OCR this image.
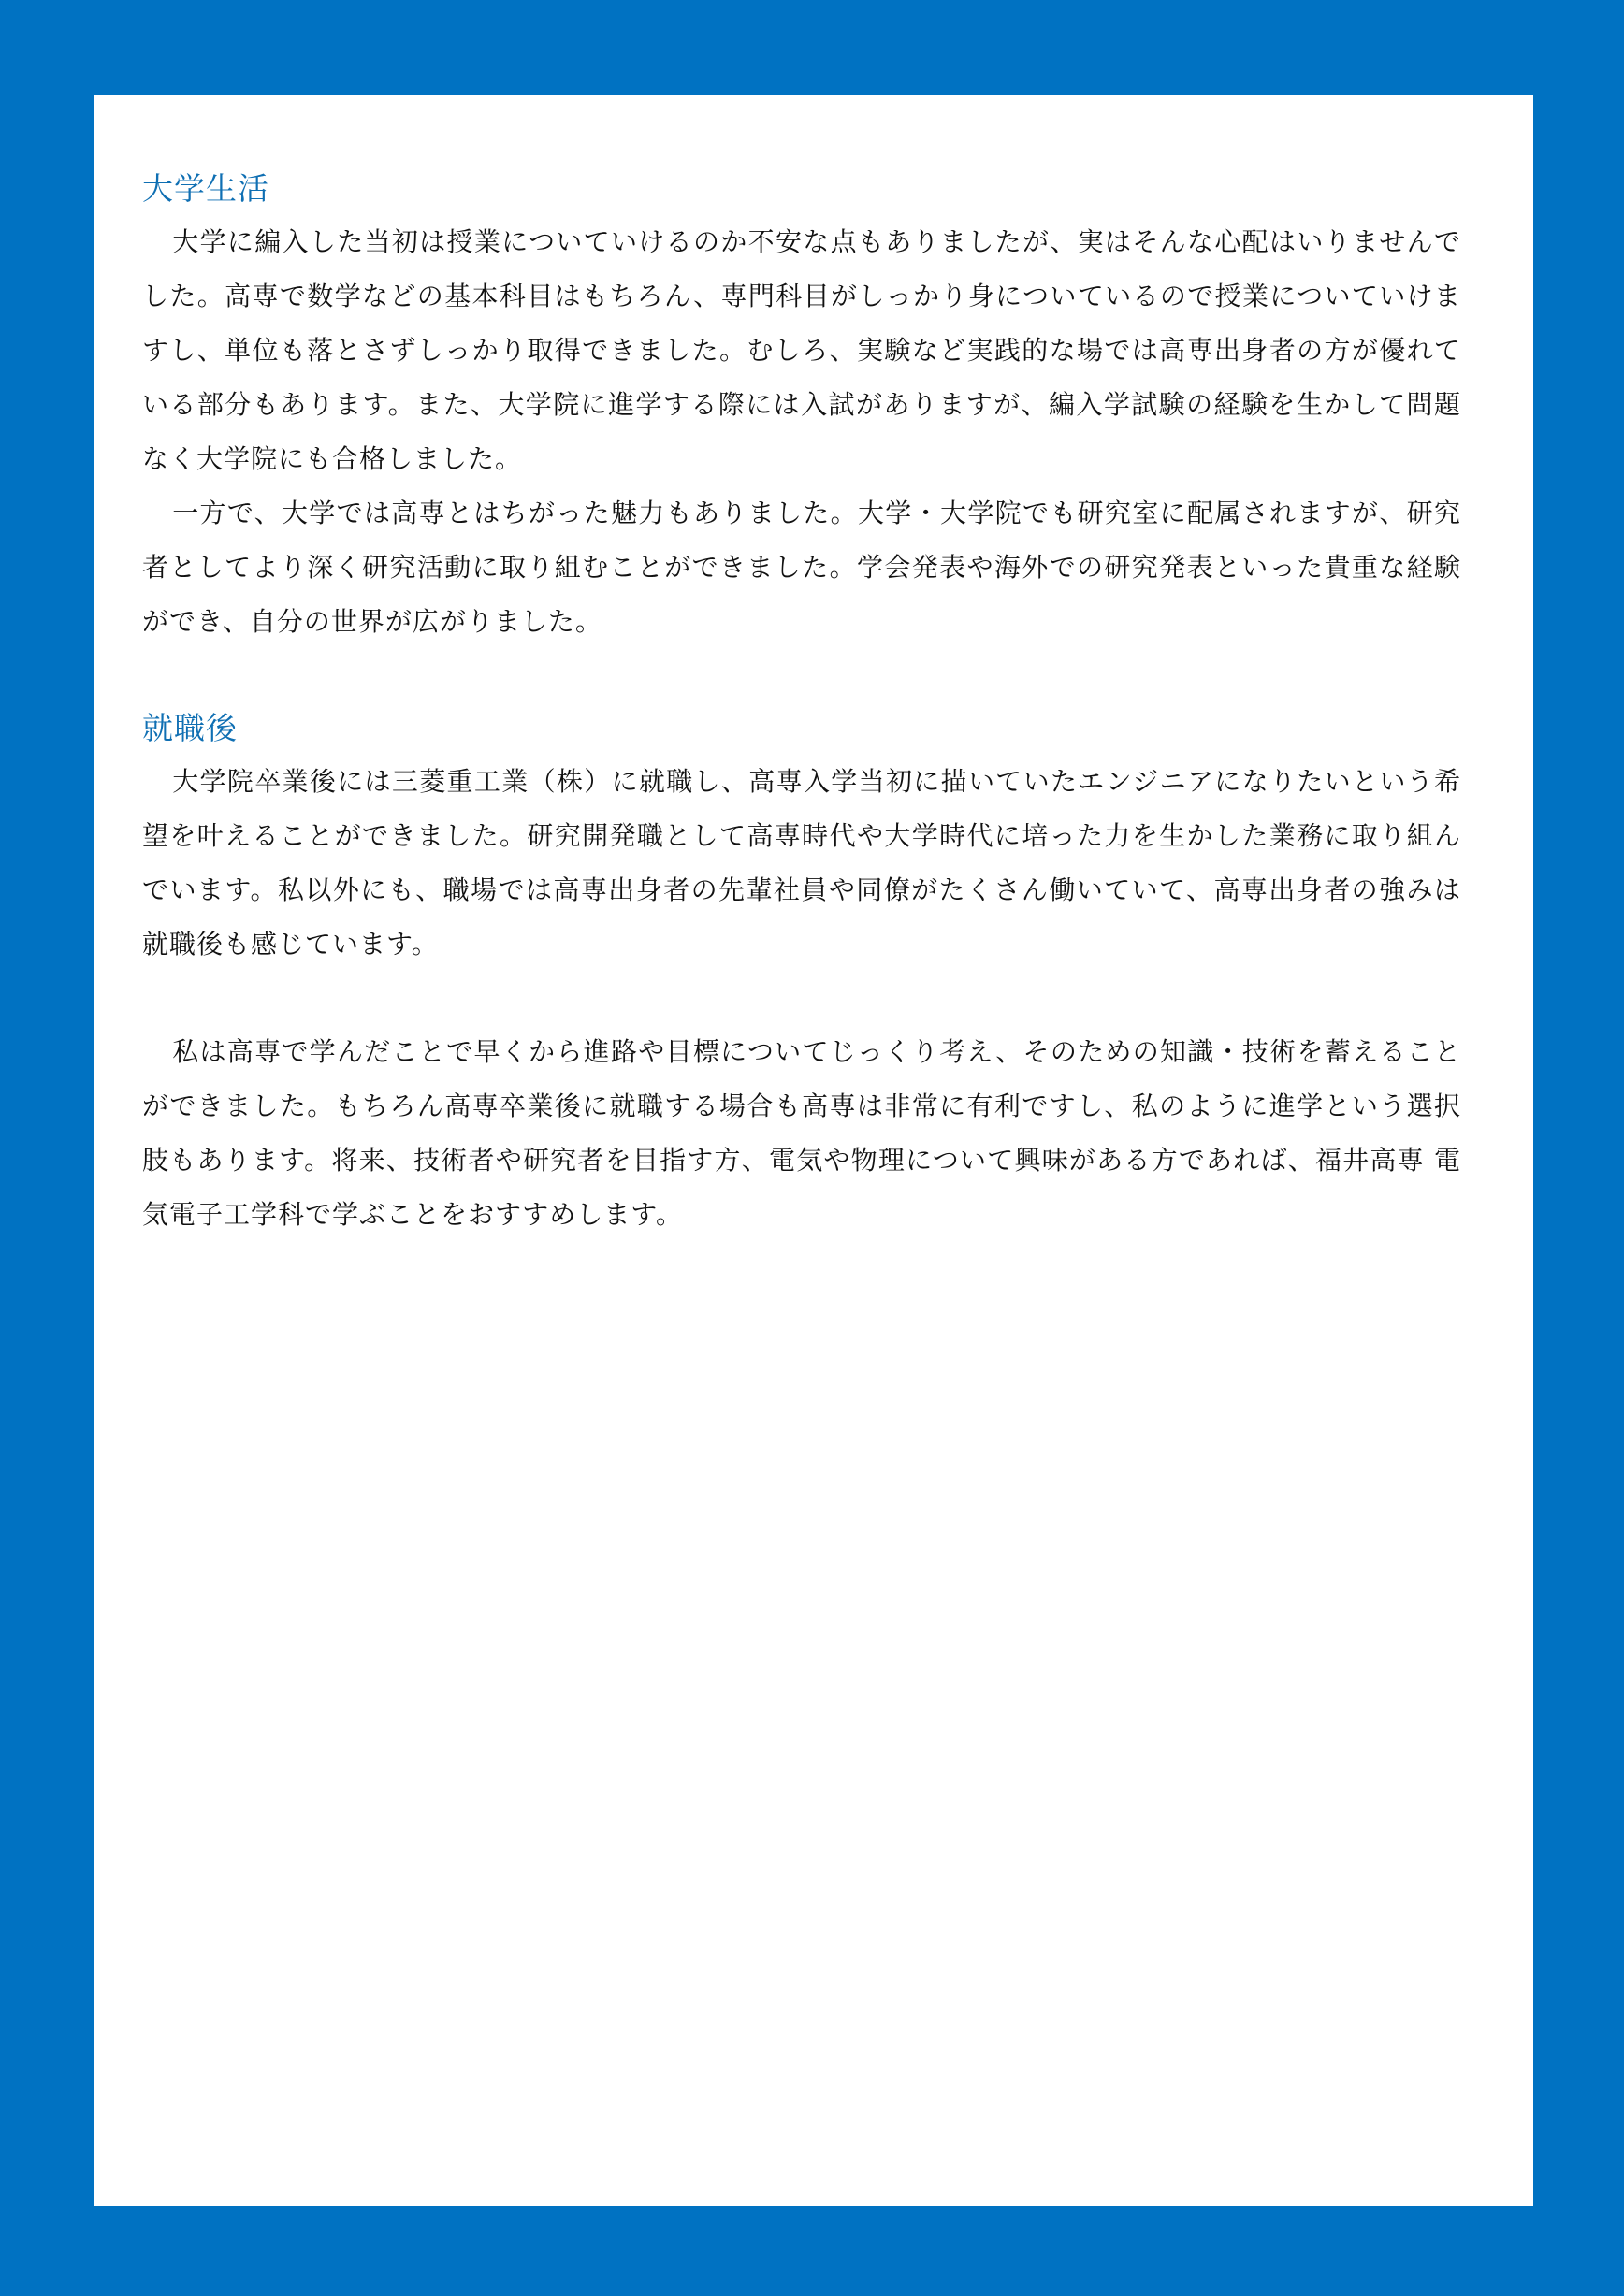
大学生活

大学に編入した当初は授業についていけるのか不安な点もありましたが、実はそんな心配はいりませんでした。高専で数学などの基本科目はもちろん、専門科目がしっかり身についているので授業についていけますし、単位も落とさずしっかり取得できました。むしろ、実験など実践的な場では高専出身者の方が優れている部分もあります。また、大学院に進学する際には入試がありますが、編入学試験の経験を生かして問題なく大学院にも合格しました。

一方で、大学では高専とはちがった魅力もありました。大学・大学院でも研究室に配属されますが、研究者としてより深く研究活動に取り組むことができました。学会発表や海外での研究発表といった貴重な経験ができ、自分の世界が広がりました。

就職後

大学院卒業後には三菱重工業（株）に就職し、高専入学当初に描いていたエンジニアになりたいという希望を叶えることができました。研究開発職として高専時代や大学時代に培った力を生かした業務に取り組んでいます。私以外にも、職場では高専出身者の先輩社員や同僚がたくさん働いていて、高専出身者の強みは就職後も感じています。

私は高専で学んだことで早くから進路や目標についてじっくり考え、そのための知識・技術を蓄えることができました。もちろん高専卒業後に就職する場合も高専は非常に有利ですし、私のように進学という選択肢もあります。将来、技術者や研究者を目指す方、電気や物理について興味がある方であれば、福井高専 電気電子工学科で学ぶことをおすすめします。
